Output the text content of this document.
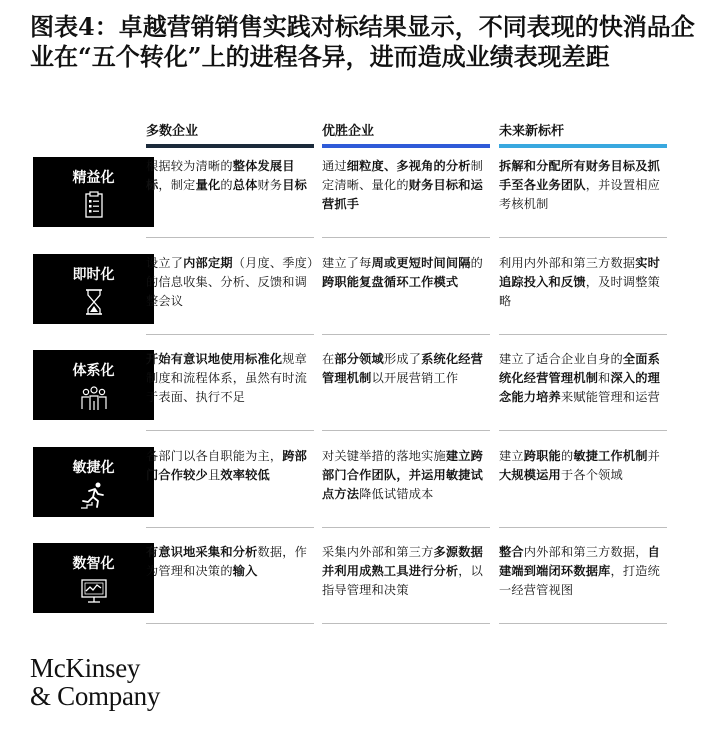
图表4：卓越营销销售实践对标结果显示，不同表现的快消品企业在“五个转化”上的进程各异，进而造成业绩表现差距
多数企业	优胜企业	未来新标杆
精益化
根据较为清晰的整体发展目标，制定量化的总体财务目标
通过细粒度、多视角的分析制定清晰、量化的财务目标和运营抓手
拆解和分配所有财务目标及抓手至各业务团队，并设置相应考核机制
即时化
设立了内部定期（月度、季度）的信息收集、分析、反馈和调整会议
建立了每周或更短时间间隔的跨职能复盘循环工作模式
利用内外部和第三方数据实时追踪投入和反馈，及时调整策略
体系化
开始有意识地使用标准化规章制度和流程体系，虽然有时流于表面、执行不足
在部分领域形成了系统化经营管理机制以开展营销工作
建立了适合企业自身的全面系统化经营管理机制和深入的理念能力培养来赋能管理和运营
敏捷化
各部门以各自职能为主，跨部门合作较少且效率较低
对关键举措的落地实施建立跨部门合作团队，并运用敏捷试点方法降低试错成本
建立跨职能的敏捷工作机制并大规模运用于各个领域
数智化
有意识地采集和分析数据，作为管理和决策的输入
采集内外部和第三方多源数据并利用成熟工具进行分析，以指导管理和决策
整合内外部和第三方数据，自建端到端闭环数据库，打造统一经营管视图
McKinsey
& Company
